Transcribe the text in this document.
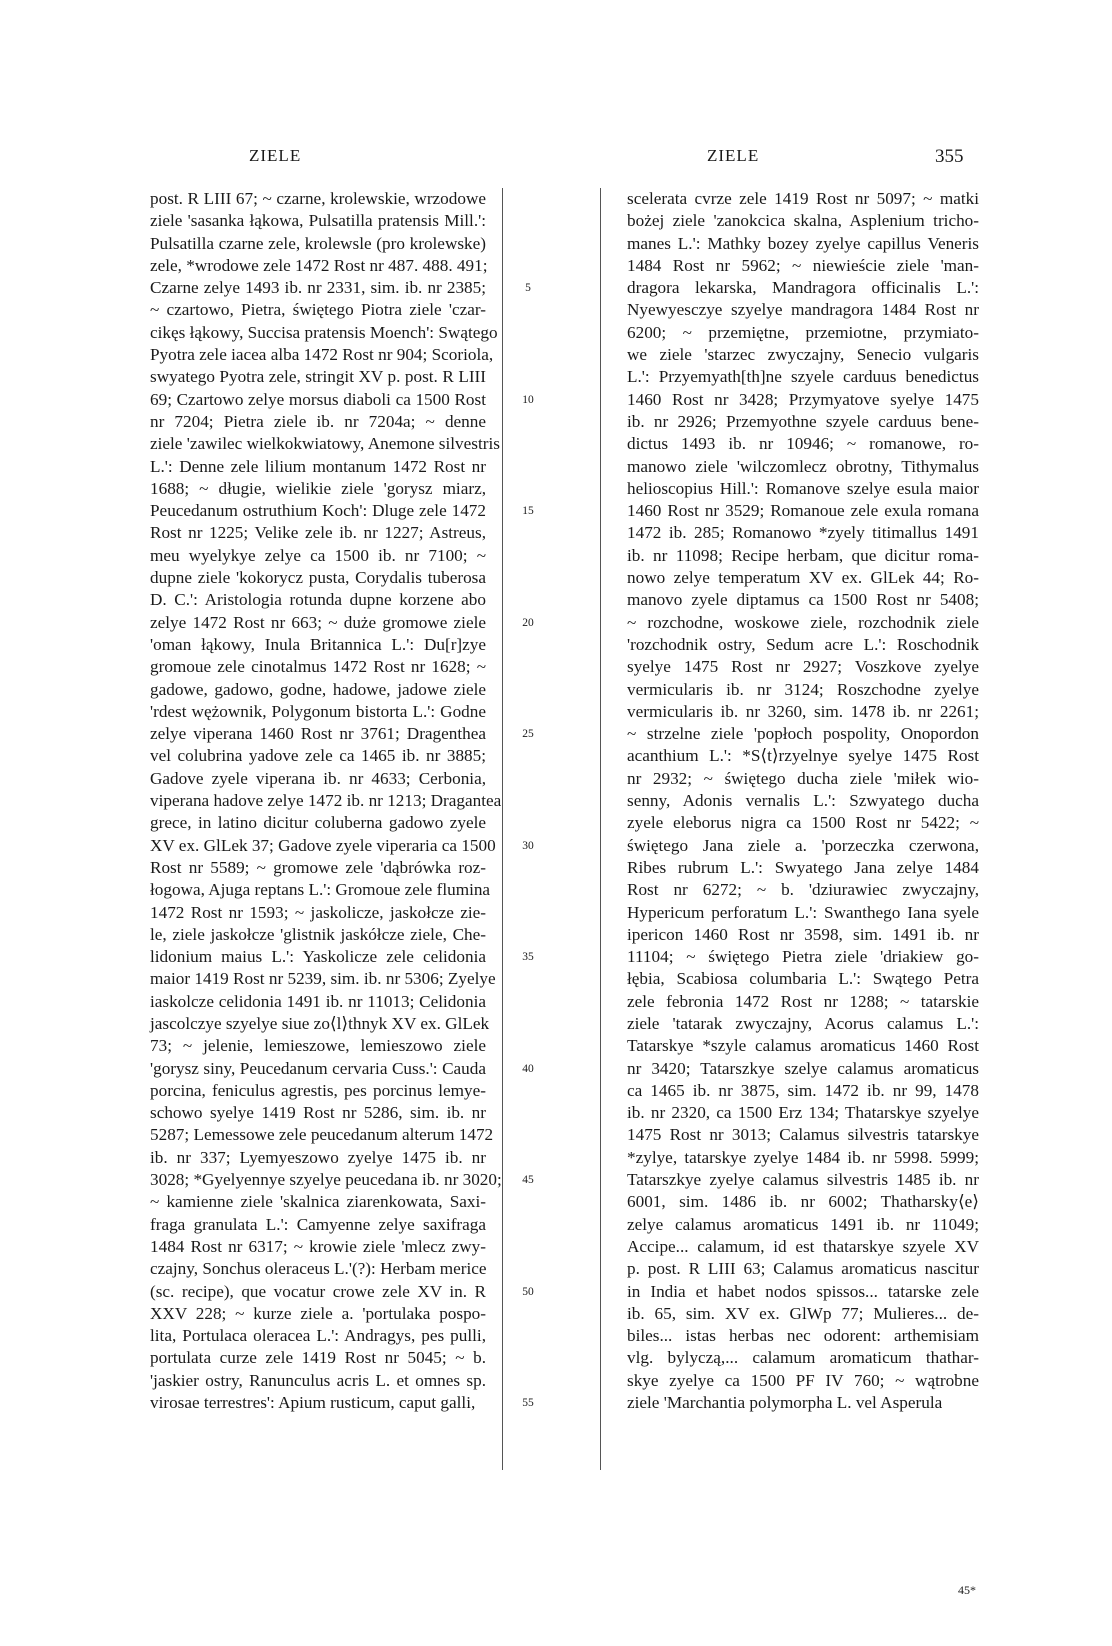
ZIELE	ZIELE	355
post. R LIII 67; ~ czarne, krolewskie, wrzodowe
ziele 'sasanka łąkowa, Pulsatilla pratensis Mill.':
Pulsatilla czarne zele, krolewsle (pro krolewske)
zele, *wrodowe zele 1472 Rost nr 487. 488. 491;
Czarne zelye 1493 ib. nr 2331, sim. ib. nr 2385;
~ czartowo, Pietra, świętego Piotra ziele 'czar-
cikęs łąkowy, Succisa pratensis Moench': Swątego
Pyotra zele iacea alba 1472 Rost nr 904; Scoriola,
swyatego Pyotra zele, stringit XV p. post. R LIII
69; Czartowo zelye morsus diaboli ca 1500 Rost
nr 7204; Pietra ziele ib. nr 7204a; ~ denne
ziele 'zawilec wielkokwiatowy, Anemone silvestris
L.': Denne zele lilium montanum 1472 Rost nr
1688; ~ długie, wielikie ziele 'gorysz miarz,
Peucedanum ostruthium Koch': Dluge zele 1472
Rost nr 1225; Velike zele ib. nr 1227; Astreus,
meu wyelykye zelye ca 1500 ib. nr 7100; ~
dupne ziele 'kokorycz pusta, Corydalis tuberosa
D. C.': Aristologia rotunda dupne korzene abo
zelye 1472 Rost nr 663; ~ duże gromowe ziele
'oman łąkowy, Inula Britannica L.': Du[r]zye
gromoue zele cinotalmus 1472 Rost nr 1628; ~
gadowe, gadowo, godne, hadowe, jadowe ziele
'rdest wężownik, Polygonum bistorta L.': Godne
zelye viperana 1460 Rost nr 3761; Dragenthea
vel colubrina yadove zele ca 1465 ib. nr 3885;
Gadove zyele viperana ib. nr 4633; Cerbonia,
viperana hadove zelye 1472 ib. nr 1213; Dragantea
grece, in latino dicitur coluberna gadowo zyele
XV ex. GlLek 37; Gadove zyele viperaria ca 1500
Rost nr 5589; ~ gromowe zele 'dąbrówka roz-
łogowa, Ajuga reptans L.': Gromoue zele flumina
1472 Rost nr 1593; ~ jaskolicze, jaskołcze zie-
le, ziele jaskołcze 'glistnik jaskółcze ziele, Che-
lidonium maius L.': Yaskolicze zele celidonia
maior 1419 Rost nr 5239, sim. ib. nr 5306; Zyelye
iaskolcze celidonia 1491 ib. nr 11013; Celidonia
jascolczye szyelye siue zo⟨l⟩thnyk XV ex. GlLek
73; ~ jelenie, lemieszowe, lemieszowo ziele
'gorysz siny, Peucedanum cervaria Cuss.': Cauda
porcina, feniculus agrestis, pes porcinus lemye-
schowo syelye 1419 Rost nr 5286, sim. ib. nr
5287; Lemessowe zele peucedanum alterum 1472
ib. nr 337; Lyemyeszowo zyelye 1475 ib. nr
3028; *Gyelyennye szyelye peucedana ib. nr 3020;
~ kamienne ziele 'skalnica ziarenkowata, Saxi-
fraga granulata L.': Camyenne zelye saxifraga
1484 Rost nr 6317; ~ krowie ziele 'mlecz zwy-
czajny, Sonchus oleraceus L.'(?): Herbam merice
(sc. recipe), que vocatur crowe zele XV in. R
XXV 228; ~ kurze ziele a. 'portulaka pospo-
lita, Portulaca oleracea L.': Andragys, pes pulli,
portulata curze zele 1419 Rost nr 5045; ~ b.
'jaskier ostry, Ranunculus acris L. et omnes sp.
virosae terrestres': Apium rusticum, caput galli,
5
10
15
20
25
30
35
40
45
50
55
scelerata cvrze zele 1419 Rost nr 5097; ~ matki
bożej ziele 'zanokcica skalna, Asplenium tricho-
manes L.': Mathky bozey zyelye capillus Veneris
1484 Rost nr 5962; ~ niewieście ziele 'man-
dragora lekarska, Mandragora officinalis L.':
Nyewyesczye szyelye mandragora 1484 Rost nr
6200; ~ przemiętne, przemiotne, przymiato-
we ziele 'starzec zwyczajny, Senecio vulgaris
L.': Przyemyath[th]ne szyele carduus benedictus
1460 Rost nr 3428; Przymyatove syelye 1475
ib. nr 2926; Przemyothne szyele carduus bene-
dictus 1493 ib. nr 10946; ~ romanowe, ro-
manowo ziele 'wilczomlecz obrotny, Tithymalus
helioscopius Hill.': Romanove szelye esula maior
1460 Rost nr 3529; Romanoue zele exula romana
1472 ib. 285; Romanowo *zyely titimallus 1491
ib. nr 11098; Recipe herbam, que dicitur roma-
nowo zelye temperatum XV ex. GlLek 44; Ro-
manovo zyele diptamus ca 1500 Rost nr 5408;
~ rozchodne, woskowe ziele, rozchodnik ziele
'rozchodnik ostry, Sedum acre L.': Roschodnik
syelye 1475 Rost nr 2927; Voszkove zyelye
vermicularis ib. nr 3124; Roszchodne zyelye
vermicularis ib. nr 3260, sim. 1478 ib. nr 2261;
~ strzelne ziele 'popłoch pospolity, Onopordon
acanthium L.': *S⟨t⟩rzyelnye syelye 1475 Rost
nr 2932; ~ świętego ducha ziele 'miłek wio-
senny, Adonis vernalis L.': Szwyatego ducha
zyele eleborus nigra ca 1500 Rost nr 5422; ~
świętego Jana ziele a. 'porzeczka czerwona,
Ribes rubrum L.': Swyatego Jana zelye 1484
Rost nr 6272; ~ b. 'dziurawiec zwyczajny,
Hypericum perforatum L.': Swanthego Iana syele
ipericon 1460 Rost nr 3598, sim. 1491 ib. nr
11104; ~ świętego Pietra ziele 'driakiew go-
łębia, Scabiosa columbaria L.': Swątego Petra
zele febronia 1472 Rost nr 1288; ~ tatarskie
ziele 'tatarak zwyczajny, Acorus calamus L.':
Tatarskye *szyle calamus aromaticus 1460 Rost
nr 3420; Tatarszkye szelye calamus aromaticus
ca 1465 ib. nr 3875, sim. 1472 ib. nr 99, 1478
ib. nr 2320, ca 1500 Erz 134; Thatarskye szyelye
1475 Rost nr 3013; Calamus silvestris tatarskye
*zylye, tatarskye zyelye 1484 ib. nr 5998. 5999;
Tatarszkye zyelye calamus silvestris 1485 ib. nr
6001, sim. 1486 ib. nr 6002; Thatharsky⟨e⟩
zelye calamus aromaticus 1491 ib. nr 11049;
Accipe... calamum, id est thatarskye szyele XV
p. post. R LIII 63; Calamus aromaticus nascitur
in India et habet nodos spissos... tatarske zele
ib. 65, sim. XV ex. GlWp 77; Mulieres... de-
biles... istas herbas nec odorent: arthemisiam
vlg. bylyczą,... calamum aromaticum thathar-
skye zyelye ca 1500 PF IV 760; ~ wątrobne
ziele 'Marchantia polymorpha L. vel Asperula
45*
